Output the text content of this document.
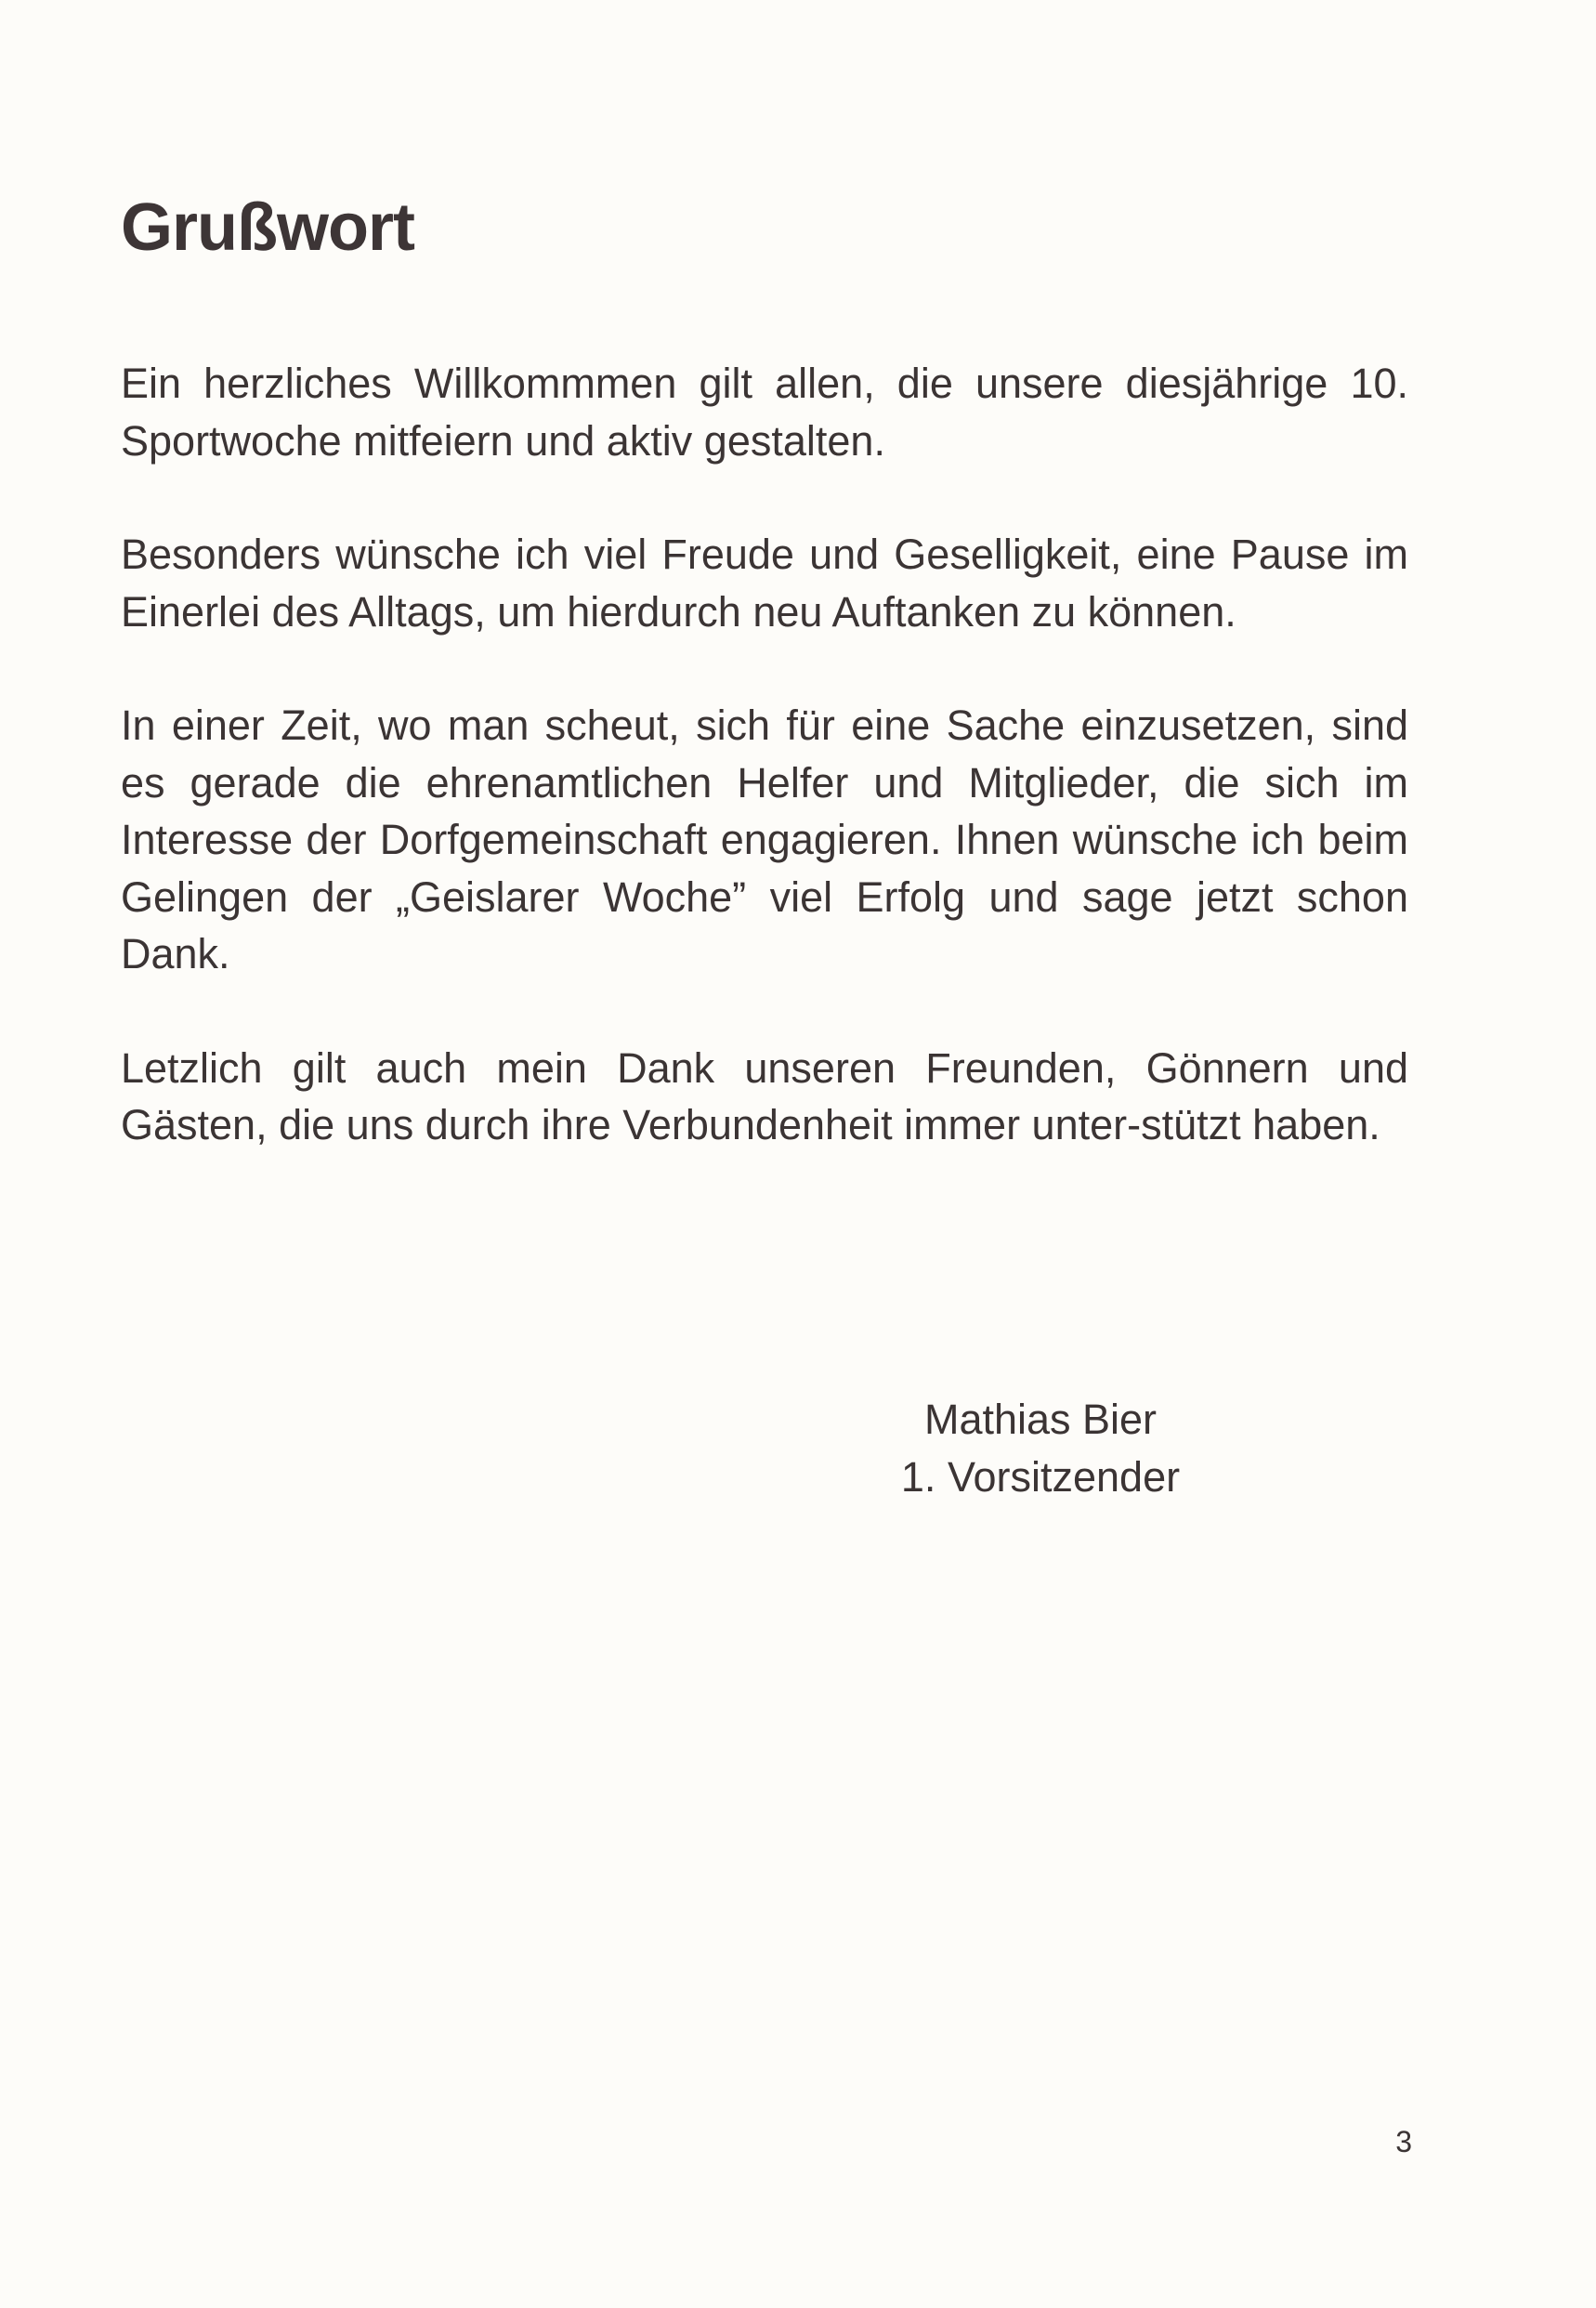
Grußwort

Ein herzliches Willkommmen gilt allen, die unsere diesjährige 10. Sportwoche mitfeiern und aktiv gestalten.

Besonders wünsche ich viel Freude und Geselligkeit, eine Pause im Einerlei des Alltags, um hierdurch neu Auftanken zu können.

In einer Zeit, wo man scheut, sich für eine Sache einzusetzen, sind es gerade die ehrenamtlichen Helfer und Mitglieder, die sich im Interesse der Dorfgemeinschaft engagieren. Ihnen wünsche ich beim Gelingen der „Geislarer Woche” viel Erfolg und sage jetzt schon Dank.

Letzlich gilt auch mein Dank unseren Freunden, Gönnern und Gästen, die uns durch ihre Verbundenheit immer unter-stützt haben.

Mathias Bier
1. Vorsitzender
3
